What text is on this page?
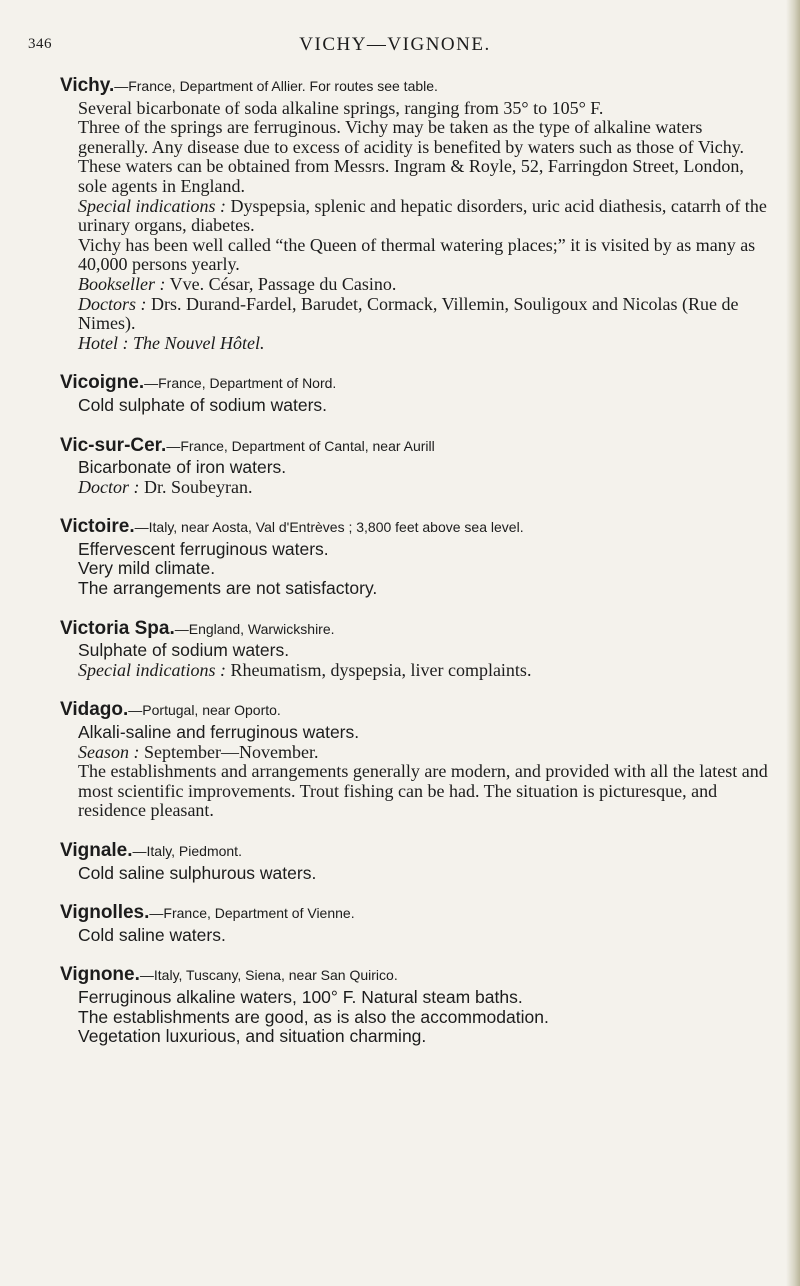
346	VICHY—VIGNONE.
Vichy.—France, Department of Allier. For routes see table.

Several bicarbonate of soda alkaline springs, ranging from 35° to 105° F.

Three of the springs are ferruginous. Vichy may be taken as the type of alkaline waters generally. Any disease due to excess of acidity is benefited by waters such as those of Vichy.

These waters can be obtained from Messrs. Ingram & Royle, 52, Farringdon Street, London, sole agents in England.

Special indications : Dyspepsia, splenic and hepatic disorders, uric acid diathesis, catarrh of the urinary organs, diabetes.

Vichy has been well called “the Queen of thermal watering places;” it is visited by as many as 40,000 persons yearly.

Bookseller : Vve. César, Passage du Casino.

Doctors : Drs. Durand-Fardel, Barudet, Cormack, Villemin, Souligoux and Nicolas (Rue de Nimes).

Hotel : The Nouvel Hôtel.

Vicoigne.—France, Department of Nord.

Cold sulphate of sodium waters.

Vic-sur-Cer.—France, Department of Cantal, near Aurill

Bicarbonate of iron waters.

Doctor : Dr. Soubeyran.

Victoire.—Italy, near Aosta, Val d'Entrèves ; 3,800 feet above sea level.

Effervescent ferruginous waters.

Very mild climate.

The arrangements are not satisfactory.

Victoria Spa.—England, Warwickshire.

Sulphate of sodium waters.

Special indications : Rheumatism, dyspepsia, liver complaints.

Vidago.—Portugal, near Oporto.

Alkali-saline and ferruginous waters.

Season : September—November.

The establishments and arrangements generally are modern, and provided with all the latest and most scientific improvements. Trout fishing can be had. The situation is picturesque, and residence pleasant.

Vignale.—Italy, Piedmont.

Cold saline sulphurous waters.

Vignolles.—France, Department of Vienne.

Cold saline waters.

Vignone.—Italy, Tuscany, Siena, near San Quirico.

Ferruginous alkaline waters, 100° F. Natural steam baths.

The establishments are good, as is also the accommodation.

Vegetation luxurious, and situation charming.
